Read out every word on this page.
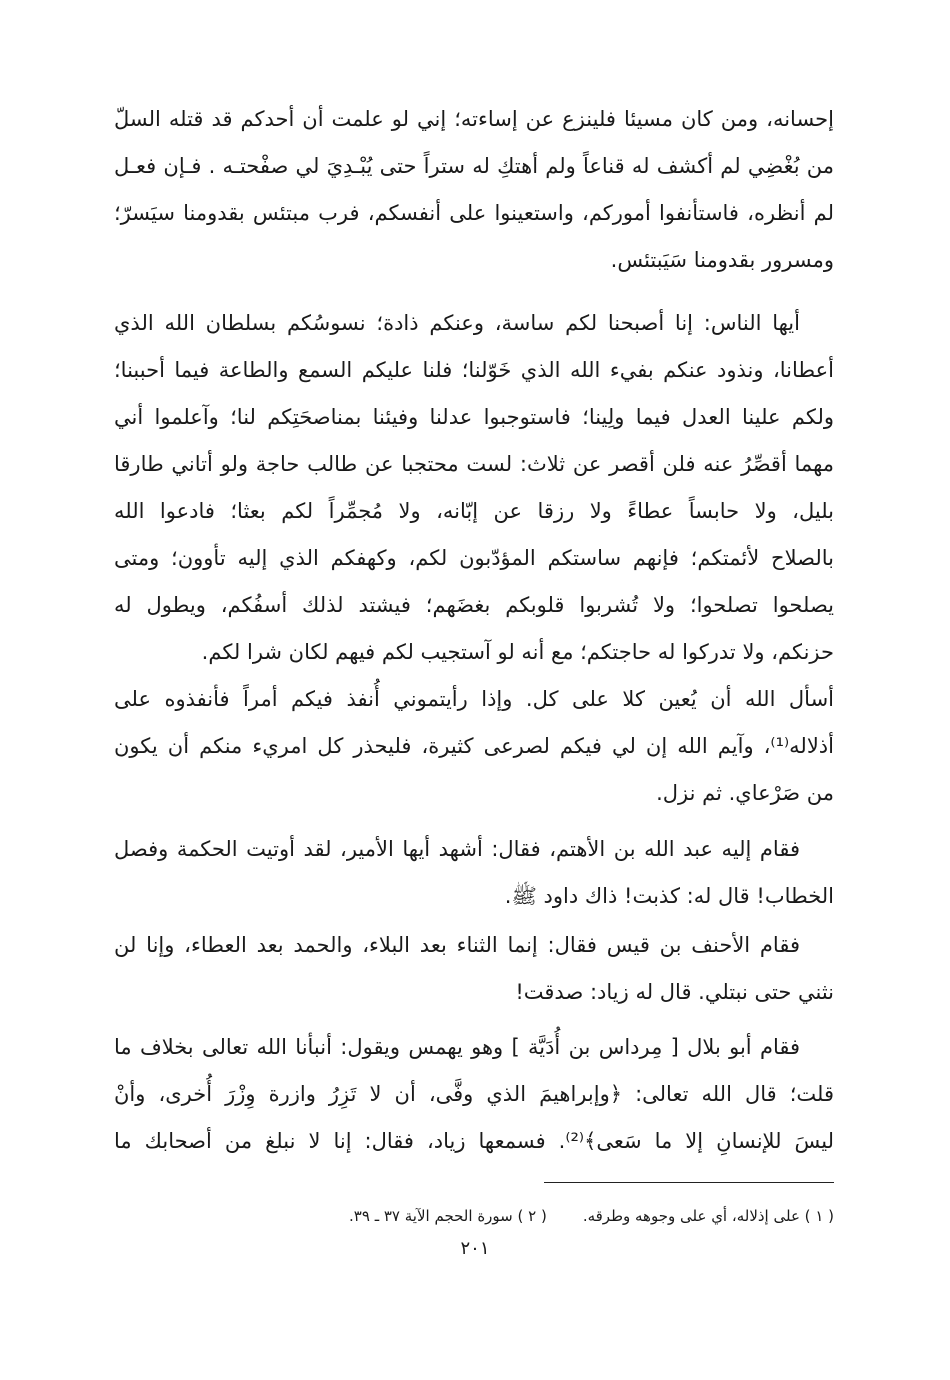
إحسانه، ومن كان مسيئا فلينزع عن إساءته؛ إني لو علمت أن أحدكم قد قتله السلّ
من بُغْضِي لم أكشف له قناعاً ولم أهتكِ له ستراً حتى يُبْـدِيَ لي صفْحتـه . فـإن فعـل
لم أنظره، فاستأنفوا أموركم، واستعينوا على أنفسكم، فرب مبتئس بقدومنا سيَسرّ؛
ومسرور بقدومنا سَيَبتئس.
أيها الناس: إنا أصبحنا لكم ساسة، وعنكم ذادة؛ نسوسُكم بسلطان الله الذي
أعطانا، ونذود عنكم بفيء الله الذي خَوّلنا؛ فلنا عليكم السمع والطاعة فيما أحببنا؛
ولكم علينا العدل فيما ولِينا؛ فاستوجبوا عدلنا وفيئنا بمناصحَتِكم لنا؛ وآعلموا أني
مهما أقصِّرُ عنه فلن أقصر عن ثلاث: لست محتجبا عن طالب حاجة ولو أتاني طارقا
بليل، ولا حابساً عطاءً ولا رزقا عن إبّانه، ولا مُجمِّراً لكم بعثا؛ فادعوا الله
بالصلاح لأئمتكم؛ فإنهم ساستكم المؤدّبون لكم، وكهفكم الذي إليه تأوون؛ ومتى
يصلحوا تصلحوا؛ ولا تُشربوا قلوبكم بغضَهم؛ فيشتد لذلك أسفُكم، ويطول له
حزنكم، ولا تدركوا له حاجتكم؛ مع أنه لو آستجيب لكم فيهم لكان شرا لكم.
أسأل الله أن يُعين كلا على كل. وإذا رأيتموني أُنفذ فيكم أمراً فأنفذوه على
أذلاله⁽¹⁾، وآيم الله إن لي فيكم لصرعى كثيرة، فليحذر كل امريء منكم أن يكون
من صَرْعاي. ثم نزل.
فقام إليه عبد الله بن الأهتم، فقال: أشهد أيها الأمير، لقد أوتيت الحكمة وفصل
الخطاب! قال له: كذبت! ذاك داود ﷺ.
فقام الأحنف بن قيس فقال: إنما الثناء بعد البلاء، والحمد بعد العطاء، وإنا لن
نثني حتى نبتلي. قال له زياد: صدقت!
فقام أبو بلال [ مِرداس بن أُدَيَّة ] وهو يهمس ويقول: أنبأنا الله تعالى بخلاف ما
قلت؛ قال الله تعالى: ﴿وإبراهيمَ الذي وفَّى، أن لا تَزِرُ وازرة وِزْرَ أُخرى، وأنْ
ليسَ للإنسانِ إلا ما سَعى﴾⁽²⁾. فسمعها زياد، فقال: إنا لا نبلغ من أصحابك ما
( ١ ) على إذلاله، أي على وجوهه وطرقه.
( ٢ ) سورة الحجم الآية ٣٧ ـ ٣٩.
٢٠١
